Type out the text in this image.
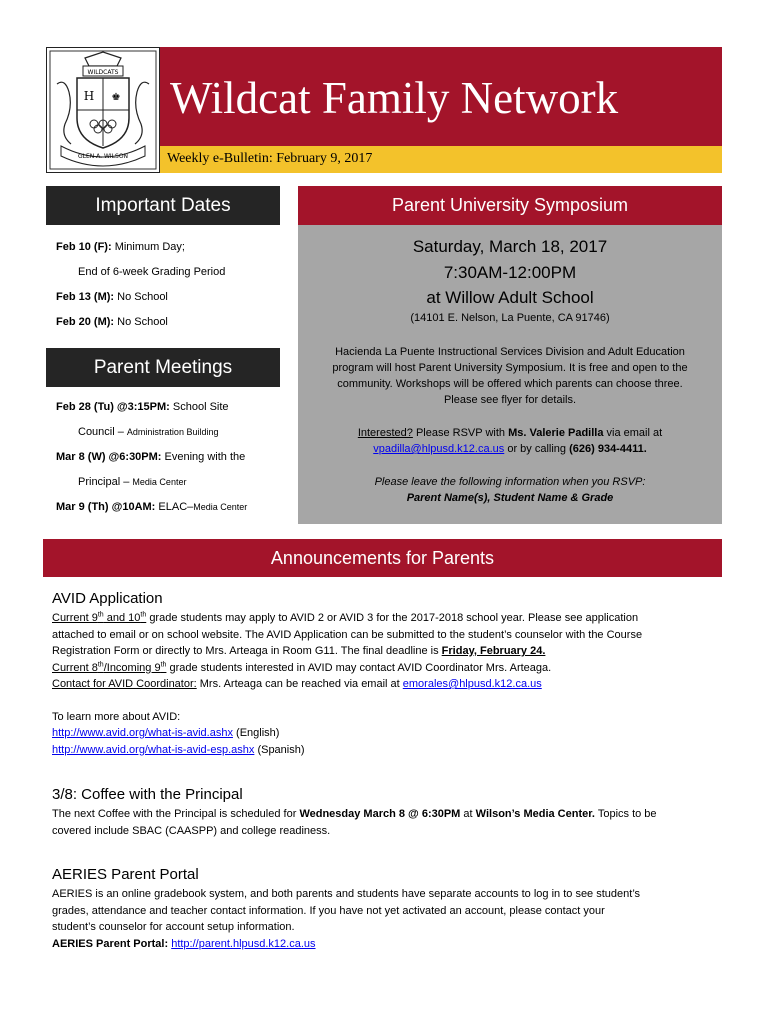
WILDCATS
H ♚
GLEN A. WILSON
Wildcat Family Network
Weekly e-Bulletin: February 9, 2017
Important Dates
Feb 10 (F): Minimum Day;
End of 6-week Grading Period
Feb 13 (M): No School
Feb 20 (M): No School
Parent Meetings
Feb 28 (Tu) @3:15PM: School Site
Council – Administration Building
Mar 8 (W) @6:30PM: Evening with the
Principal – Media Center
Mar 9 (Th) @10AM: ELAC–Media Center
Parent University Symposium
Saturday, March 18, 2017
7:30AM-12:00PM
at Willow Adult School
(14101 E. Nelson, La Puente, CA 91746)
Hacienda La Puente Instructional Services Division and Adult Education
program will host Parent University Symposium. It is free and open to the
community. Workshops will be offered which parents can choose three.
Please see flyer for details.
Interested? Please RSVP with Ms. Valerie Padilla via email at
vpadilla@hlpusd.k12.ca.us or by calling (626) 934-4411.
Please leave the following information when you RSVP:
Parent Name(s), Student Name & Grade
Announcements for Parents
AVID Application
Current 9th and 10th grade students may apply to AVID 2 or AVID 3 for the 2017-2018 school year. Please see application
attached to email or on school website. The AVID Application can be submitted to the student’s counselor with the Course
Registration Form or directly to Mrs. Arteaga in Room G11. The final deadline is Friday, February 24.
Current 8th/Incoming 9th grade students interested in AVID may contact AVID Coordinator Mrs. Arteaga.
Contact for AVID Coordinator: Mrs. Arteaga can be reached via email at emorales@hlpusd.k12.ca.us
To learn more about AVID:
http://www.avid.org/what-is-avid.ashx (English)
http://www.avid.org/what-is-avid-esp.ashx (Spanish)
3/8: Coffee with the Principal
The next Coffee with the Principal is scheduled for Wednesday March 8 @ 6:30PM at Wilson’s Media Center. Topics to be
covered include SBAC (CAASPP) and college readiness.
AERIES Parent Portal
AERIES is an online gradebook system, and both parents and students have separate accounts to log in to see student’s
grades, attendance and teacher contact information. If you have not yet activated an account, please contact your
student’s counselor for account setup information.
AERIES Parent Portal: http://parent.hlpusd.k12.ca.us
